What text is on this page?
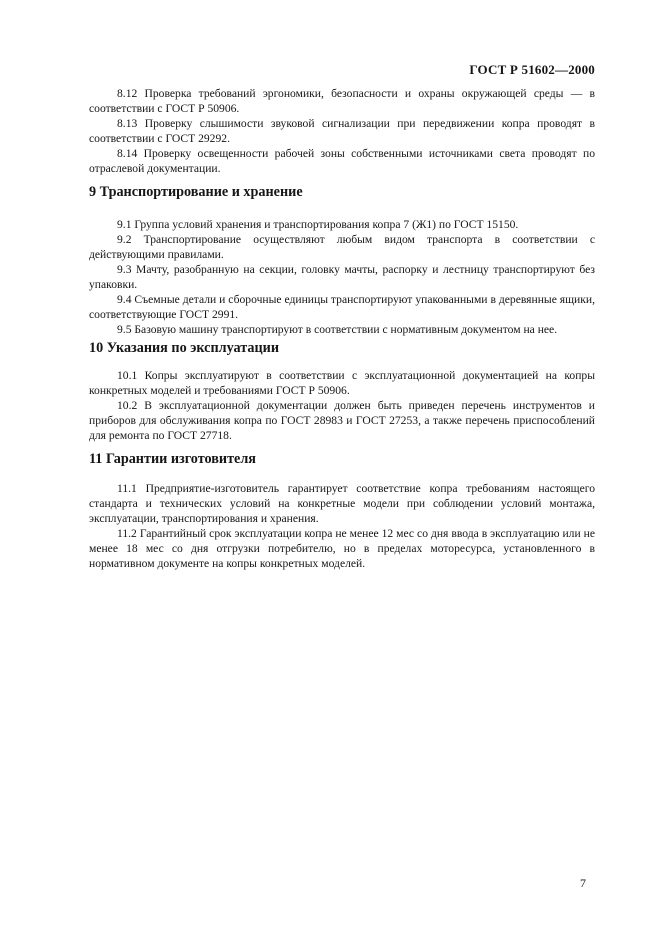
ГОСТ Р 51602—2000

8.12 Проверка требований эргономики, безопасности и охраны окружающей среды — в соответствии с ГОСТ Р 50906.

8.13 Проверку слышимости звуковой сигнализации при передвижении копра проводят в соответствии с ГОСТ 29292.

8.14 Проверку освещенности рабочей зоны собственными источниками света проводят по отраслевой документации.

9 Транспортирование и хранение

9.1 Группа условий хранения и транспортирования копра 7 (Ж1) по ГОСТ 15150.

9.2 Транспортирование осуществляют любым видом транспорта в соответствии с действующими правилами.

9.3 Мачту, разобранную на секции, головку мачты, распорку и лестницу транспортируют без упаковки.

9.4 Съемные детали и сборочные единицы транспортируют упакованными в деревянные ящики, соответствующие ГОСТ 2991.

9.5 Базовую машину транспортируют в соответствии с нормативным документом на нее.

10 Указания по эксплуатации

10.1 Копры эксплуатируют в соответствии с эксплуатационной документацией на копры конкретных моделей и требованиями ГОСТ Р 50906.

10.2 В эксплуатационной документации должен быть приведен перечень инструментов и приборов для обслуживания копра по ГОСТ 28983 и ГОСТ 27253, а также перечень приспособлений для ремонта по ГОСТ 27718.

11 Гарантии изготовителя

11.1 Предприятие-изготовитель гарантирует соответствие копра требованиям настоящего стандарта и технических условий на конкретные модели при соблюдении условий монтажа, эксплуатации, транспортирования и хранения.

11.2 Гарантийный срок эксплуатации копра не менее 12 мес со дня ввода в эксплуатацию или не менее 18 мес со дня отгрузки потребителю, но в пределах моторесурса, установленного в нормативном документе на копры конкретных моделей.

7
